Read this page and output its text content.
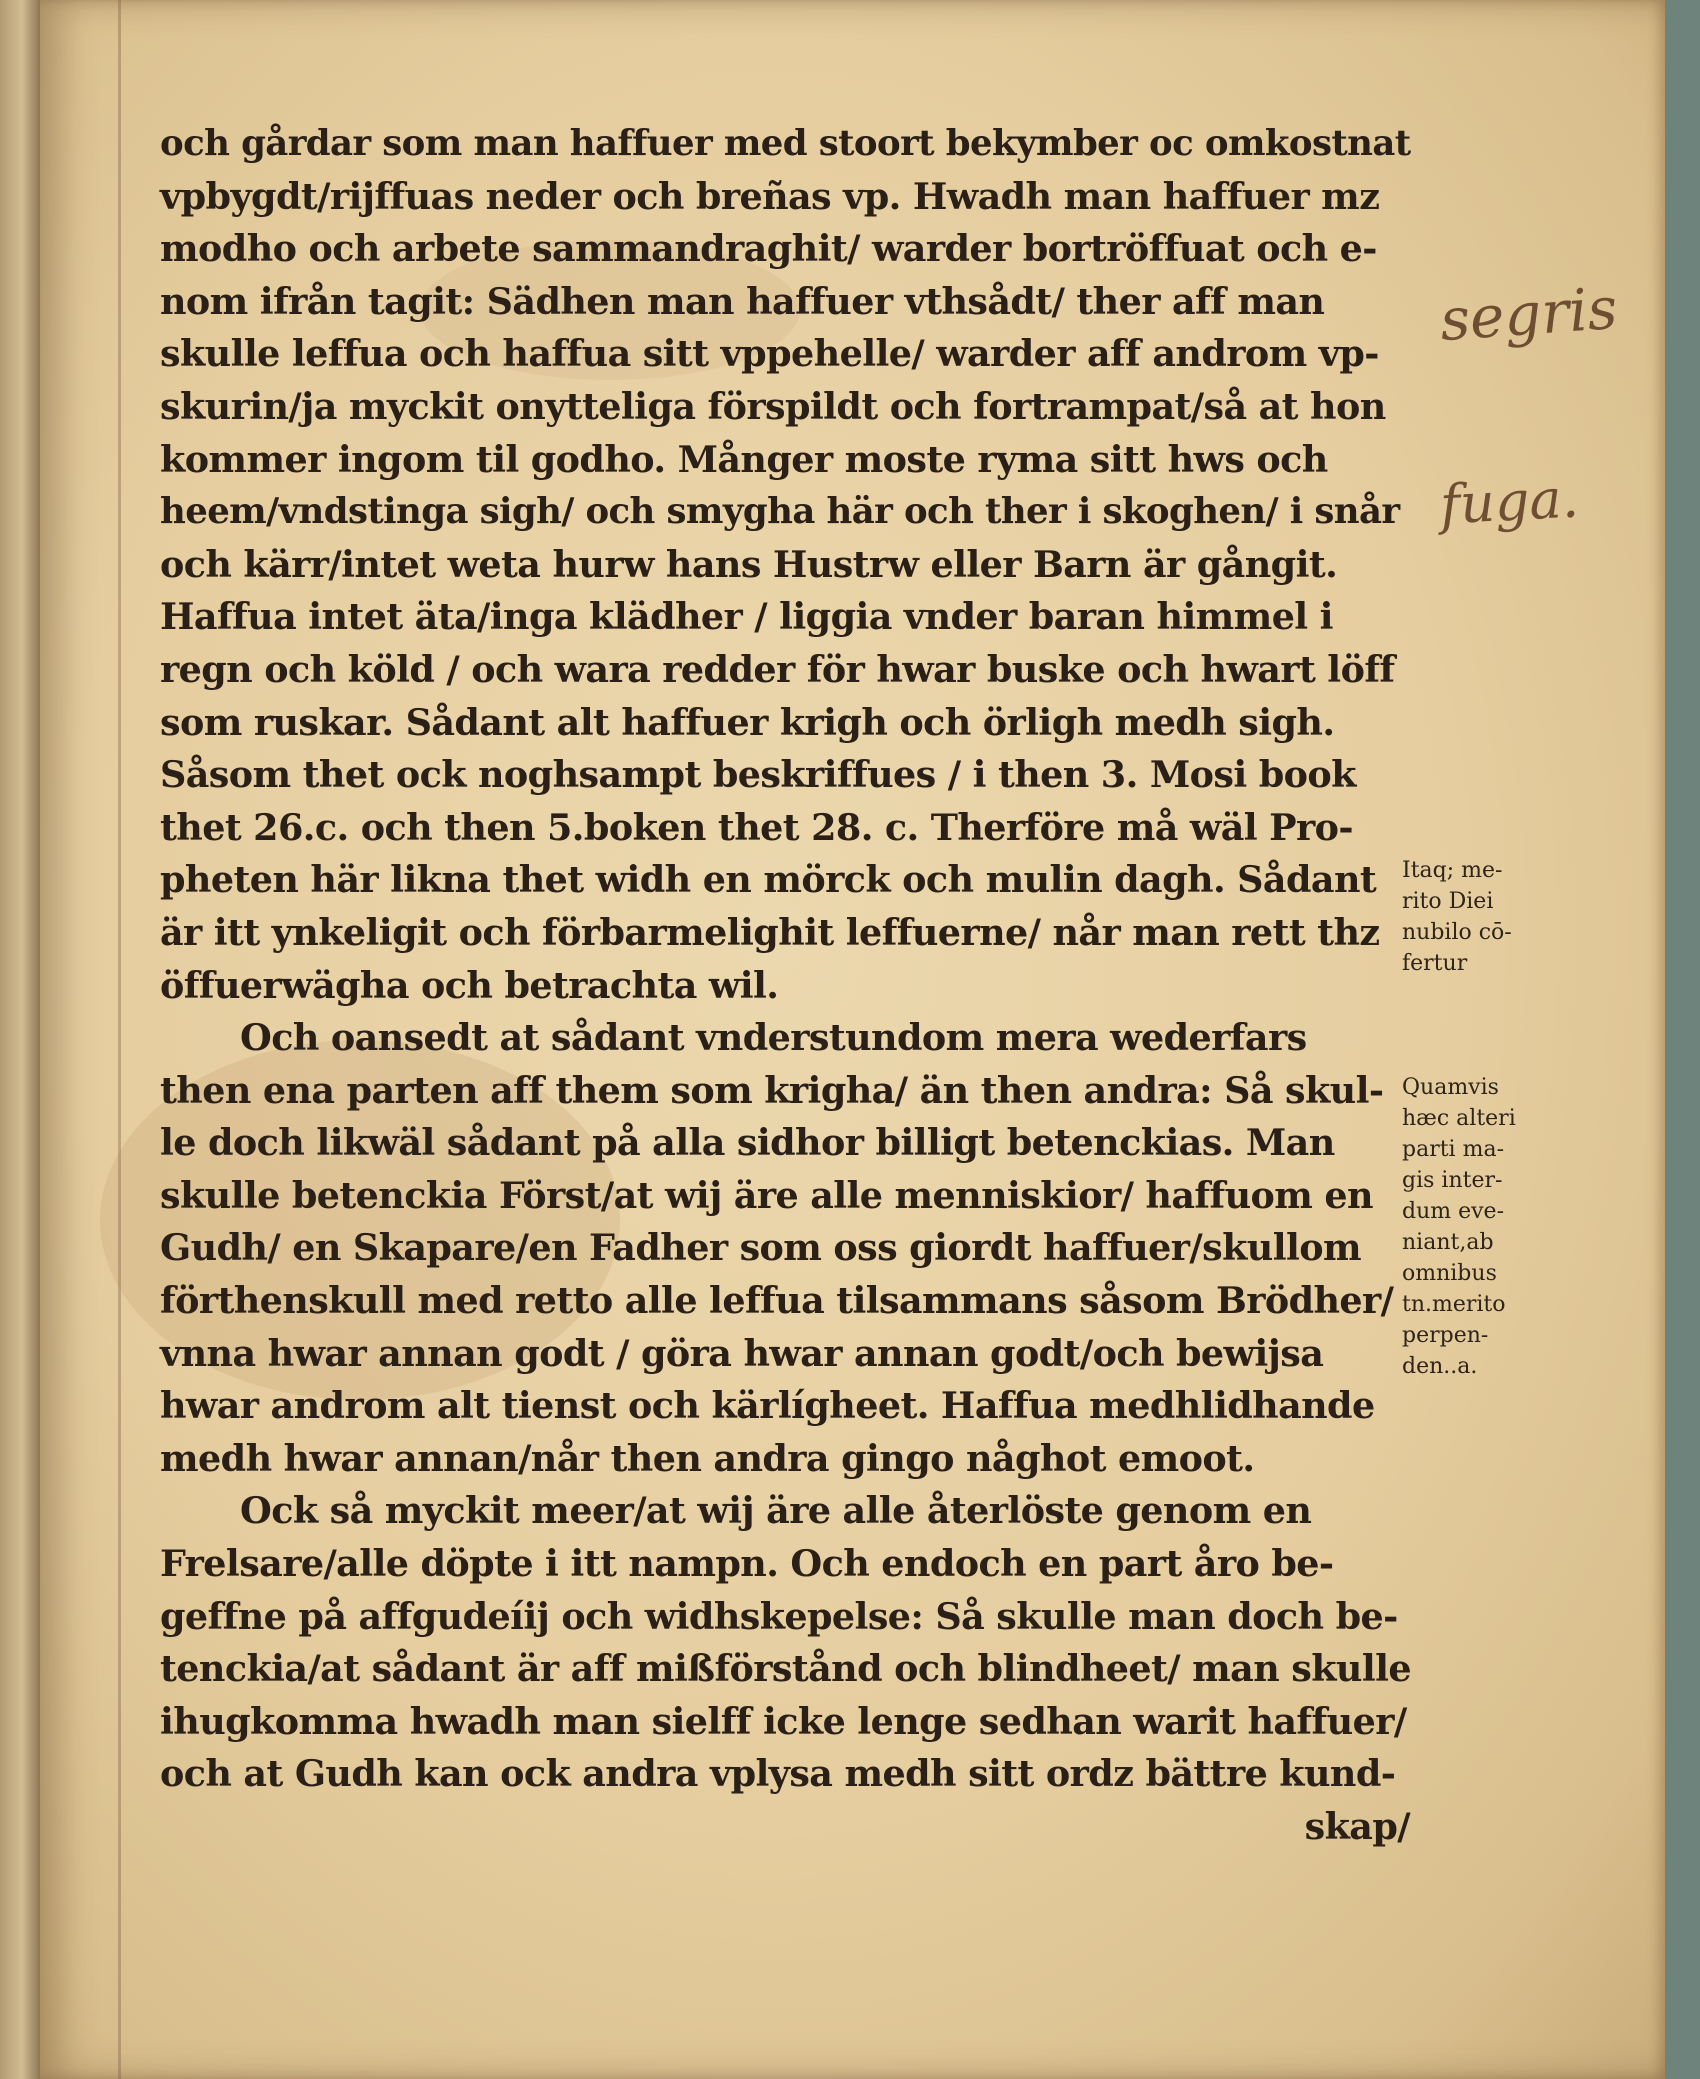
och gårdar som man haffuer med stoort bekymber oc omkostnat
vpbygdt/rijffuas neder och breñas vp. Hwadh man haffuer mz
modho och arbete sammandraghit/ warder bortröffuat och e-
nom ifrån tagit: Sädhen man haffuer vthsådt/ ther aff man
skulle leffua och haffua sitt vppehelle/ warder aff androm vp-
skurin/ja myckit onytteliga förspildt och fortrampat/så at hon
kommer ingom til godho. Månger moste ryma sitt hws och
heem/vndstinga sigh/ och smygha här och ther i skoghen/ i snår
och kärr/intet weta hurw hans Hustrw eller Barn är gångit.
Haffua intet äta/inga klädher / liggia vnder baran himmel i
regn och köld / och wara redder för hwar buske och hwart löff
som ruskar. Sådant alt haffuer krigh och örligh medh sigh.
Såsom thet ock noghsampt beskriffues / i then 3. Mosi book
thet 26.c. och then 5.boken thet 28. c. Therföre må wäl Pro-
pheten här likna thet widh en mörck och mulin dagh. Sådant
är itt ynkeligit och förbarmelighit leffuerne/ når man rett thz
öffuerwägha och betrachta wil.
Och oansedt at sådant vnderstundom mera wederfars
then ena parten aff them som krigha/ än then andra: Så skul-
le doch likwäl sådant på alla sidhor billigt betenckias. Man
skulle betenckia Först/at wij äre alle menniskior/ haffuom en
Gudh/ en Skapare/en Fadher som oss giordt haffuer/skullom
förthenskull med retto alle leffua tilsammans såsom Brödher/
vnna hwar annan godt / göra hwar annan godt/och bewijsa
hwar androm alt tienst och kärlígheet. Haffua medhlidhande
medh hwar annan/når then andra gingo någhot emoot.
Ock så myckit meer/at wij äre alle återlöste genom en
Frelsare/alle döpte i itt nampn. Och endoch en part åro be-
geffne på affgudeíij och widhskepelse: Så skulle man doch be-
tenckia/at sådant är aff mißförstånd och blindheet/ man skulle
ihugkomma hwadh man sielff icke lenge sedhan warit haffuer/
och at Gudh kan ock andra vplysa medh sitt ordz bättre kund-
skap/
Itaq; me-
rito Diei
nubilo cō-
fertur
Quamvis
hæc alteri
parti ma-
gis inter-
dum eve-
niant,ab
omnibus
tn.merito
perpen-
den..a.
segris
fuga.
